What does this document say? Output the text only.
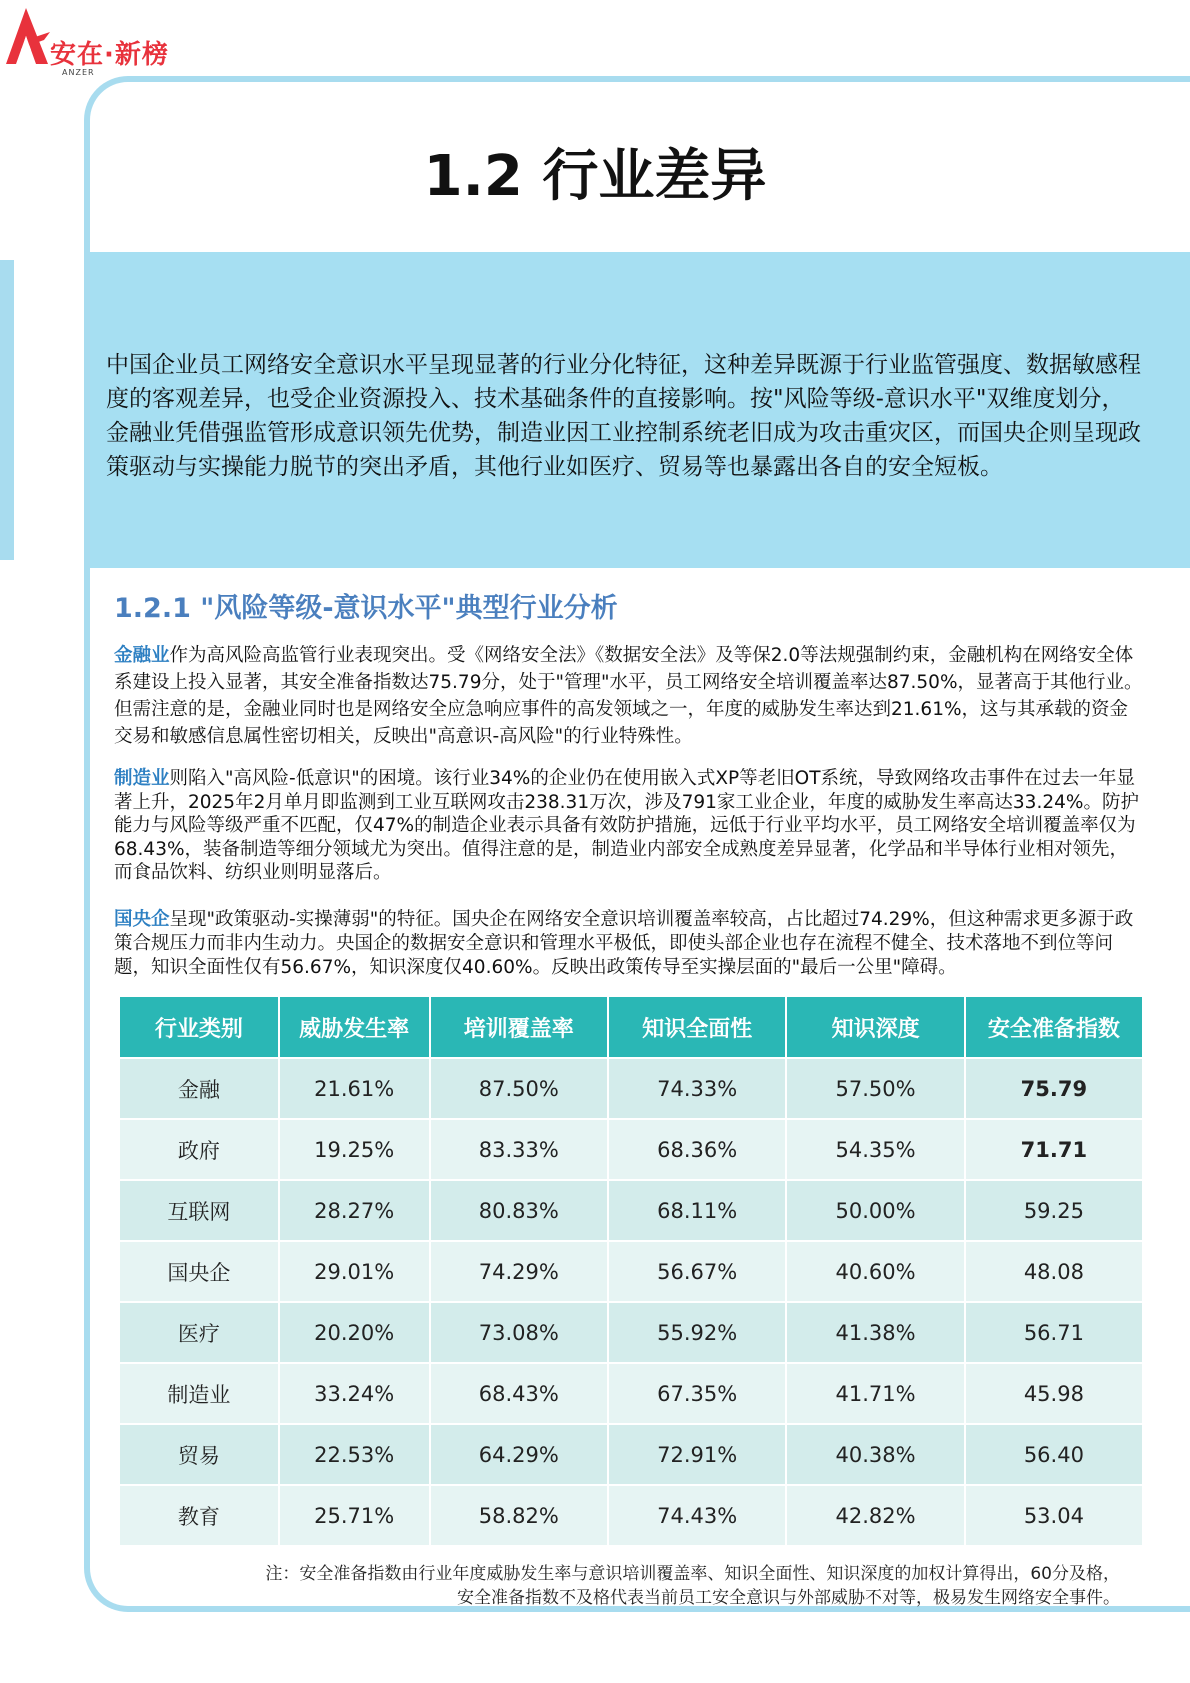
安在·新榜
ANZER
1.2 行业差异

中国企业员工网络安全意识水平呈现显著的行业分化特征，这种差异既源于行业监管强度、数据敏感程度的客观差异，也受企业资源投入、技术基础条件的直接影响。按"风险等级-意识水平"双维度划分，金融业凭借强监管形成意识领先优势，制造业因工业控制系统老旧成为攻击重灾区，而国央企则呈现政策驱动与实操能力脱节的突出矛盾，其他行业如医疗、贸易等也暴露出各自的安全短板。

1.2.1 "风险等级-意识水平"典型行业分析

金融业作为高风险高监管行业表现突出。受《网络安全法》《数据安全法》及等保2.0等法规强制约束，金融机构在网络安全体系建设上投入显著，其安全准备指数达75.79分，处于"管理"水平，员工网络安全培训覆盖率达87.50%，显著高于其他行业。但需注意的是，金融业同时也是网络安全应急响应事件的高发领域之一，年度的威胁发生率达到21.61%，这与其承载的资金交易和敏感信息属性密切相关，反映出"高意识-高风险"的行业特殊性。

制造业则陷入"高风险-低意识"的困境。该行业34%的企业仍在使用嵌入式XP等老旧OT系统，导致网络攻击事件在过去一年显著上升，2025年2月单月即监测到工业互联网攻击238.31万次，涉及791家工业企业，年度的威胁发生率高达33.24%。防护能力与风险等级严重不匹配，仅47%的制造企业表示具备有效防护措施，远低于行业平均水平，员工网络安全培训覆盖率仅为68.43%，装备制造等细分领域尤为突出。值得注意的是，制造业内部安全成熟度差异显著，化学品和半导体行业相对领先，而食品饮料、纺织业则明显落后。

国央企呈现"政策驱动-实操薄弱"的特征。国央企在网络安全意识培训覆盖率较高，占比超过74.29%，但这种需求更多源于政策合规压力而非内生动力。央国企的数据安全意识和管理水平极低，即使头部企业也存在流程不健全、技术落地不到位等问题，知识全面性仅有56.67%，知识深度仅40.60%。反映出政策传导至实操层面的"最后一公里"障碍。

行业类别	威胁发生率	培训覆盖率	知识全面性	知识深度	安全准备指数
金融	21.61%	87.50%	74.33%	57.50%	75.79
政府	19.25%	83.33%	68.36%	54.35%	71.71
互联网	28.27%	80.83%	68.11%	50.00%	59.25
国央企	29.01%	74.29%	56.67%	40.60%	48.08
医疗	20.20%	73.08%	55.92%	41.38%	56.71
制造业	33.24%	68.43%	67.35%	41.71%	45.98
贸易	22.53%	64.29%	72.91%	40.38%	56.40
教育	25.71%	58.82%	74.43%	42.82%	53.04
注：安全准备指数由行业年度威胁发生率与意识培训覆盖率、知识全面性、知识深度的加权计算得出，60分及格，
安全准备指数不及格代表当前员工安全意识与外部威胁不对等，极易发生网络安全事件。
